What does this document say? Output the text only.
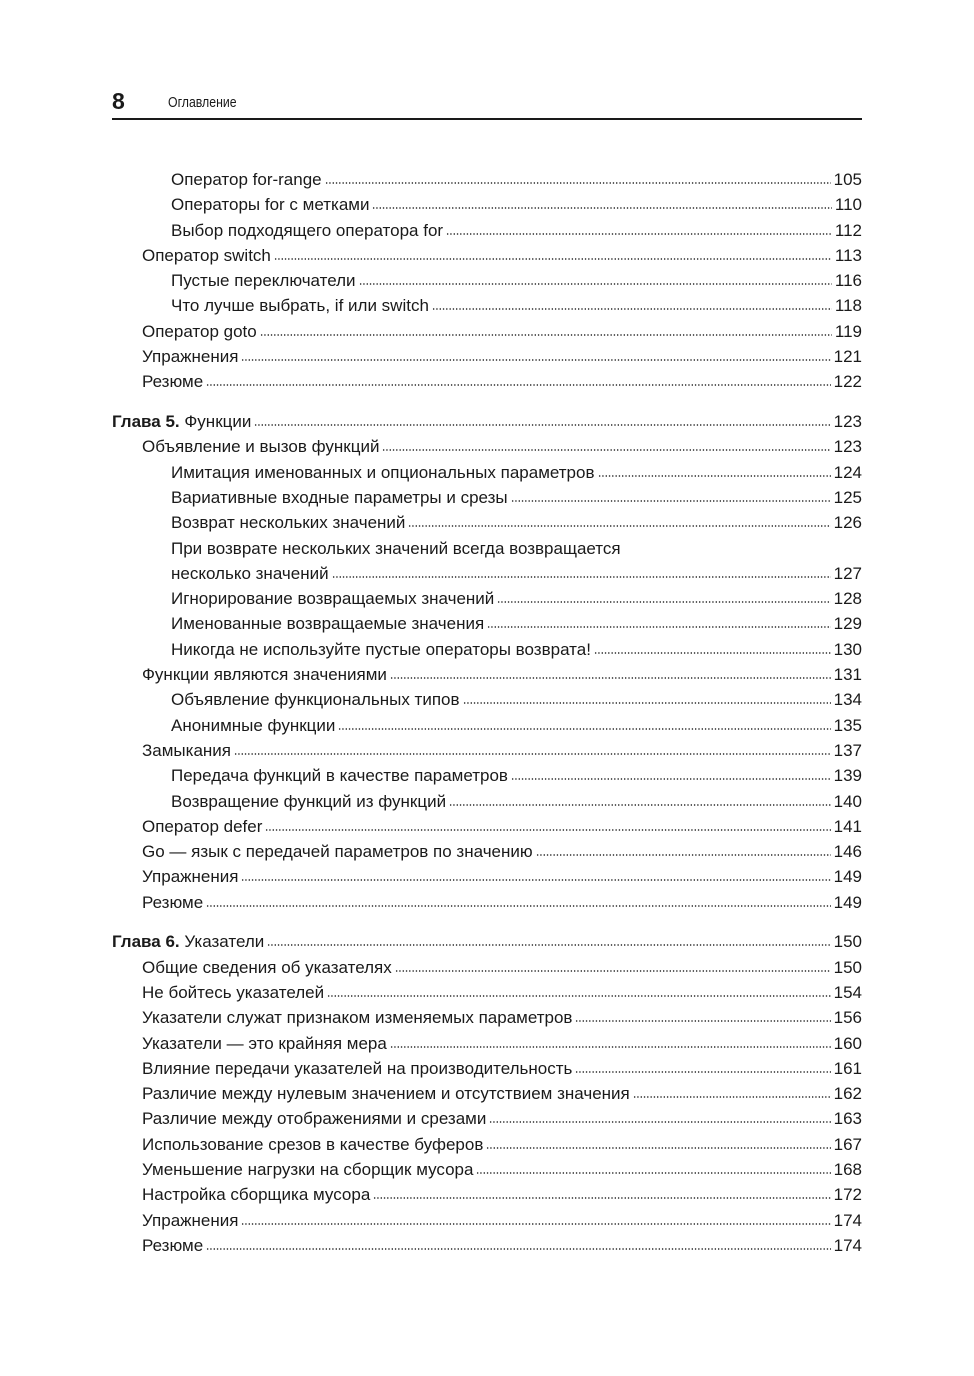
8	Оглавление
Оператор for-range	105
Операторы for с метками	110
Выбор подходящего оператора for	112
Оператор switch	113
Пустые переключатели	116
Что лучше выбрать, if или switch	118
Оператор goto	119
Упражнения	121
Резюме	122
Глава 5. Функции	123
Объявление и вызов функций	123
Имитация именованных и опциональных параметров	124
Вариативные входные параметры и срезы	125
Возврат нескольких значений	126
При возврате нескольких значений всегда возвращается
несколько значений	127
Игнорирование возвращаемых значений	128
Именованные возвращаемые значения	129
Никогда не используйте пустые операторы возврата!	130
Функции являются значениями	131
Объявление функциональных типов	134
Анонимные функции	135
Замыкания	137
Передача функций в качестве параметров	139
Возвращение функций из функций	140
Оператор defer	141
Go — язык с передачей параметров по значению	146
Упражнения	149
Резюме	149
Глава 6. Указатели	150
Общие сведения об указателях	150
Не бойтесь указателей	154
Указатели служат признаком изменяемых параметров	156
Указатели — это крайняя мера	160
Влияние передачи указателей на производительность	161
Различие между нулевым значением и отсутствием значения	162
Различие между отображениями и срезами	163
Использование срезов в качестве буферов	167
Уменьшение нагрузки на сборщик мусора	168
Настройка сборщика мусора	172
Упражнения	174
Резюме	174
